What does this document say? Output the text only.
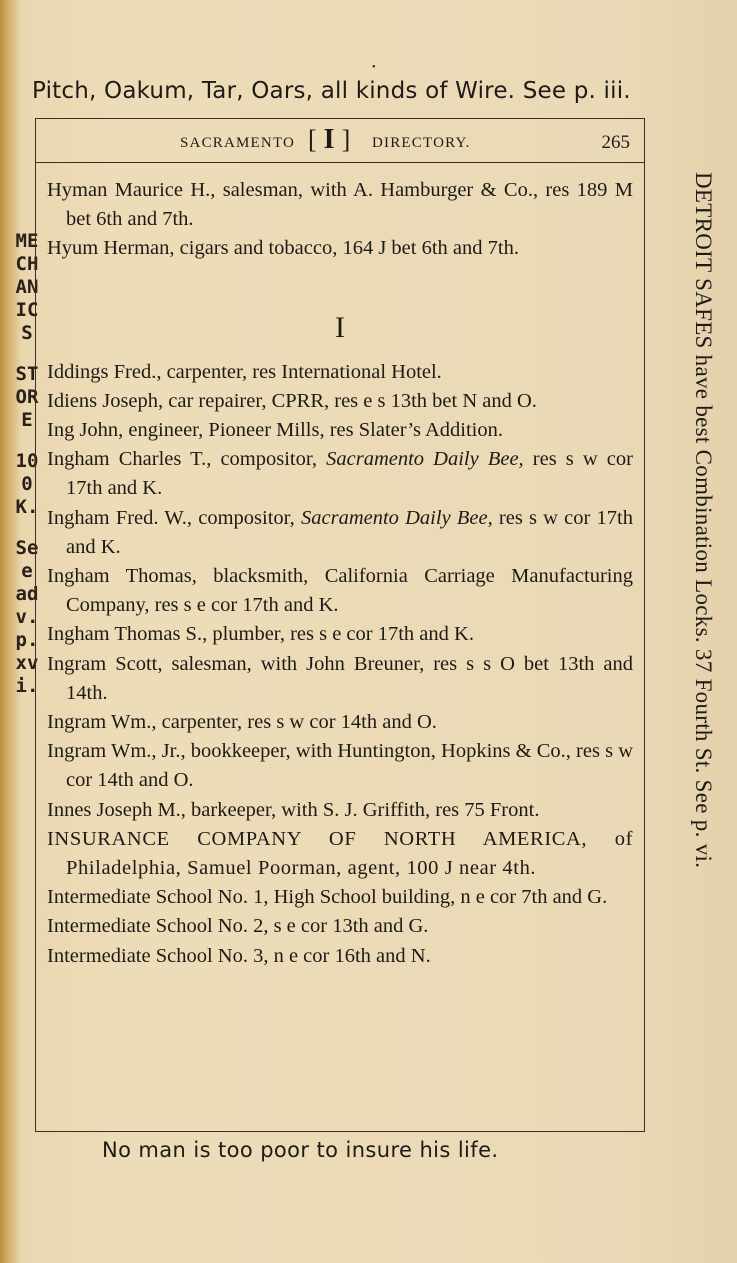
•
Pitch, Oakum, Tar, Oars, all kinds of Wire. See p. iii.
MECHANICS
STORE
100 K.
See adv. p. xvi.
SACRAMENTO [ I ] DIRECTORY.	265

Hyman Maurice H., salesman, with A. Hamburger & Co., res 189 M bet 6th and 7th.

Hyum Herman, cigars and tobacco, 164 J bet 6th and 7th.

I

Iddings Fred., carpenter, res International Hotel.

Idiens Joseph, car repairer, CPRR, res e s 13th bet N and O.

Ing John, engineer, Pioneer Mills, res Slater’s Addition.

Ingham Charles T., compositor, Sacramento Daily Bee, res s w cor 17th and K.

Ingham Fred. W., compositor, Sacramento Daily Bee, res s w cor 17th and K.

Ingham Thomas, blacksmith, California Carriage Manufacturing Company, res s e cor 17th and K.

Ingham Thomas S., plumber, res s e cor 17th and K.

Ingram Scott, salesman, with John Breuner, res s s O bet 13th and 14th.

Ingram Wm., carpenter, res s w cor 14th and O.

Ingram Wm., Jr., bookkeeper, with Huntington, Hopkins & Co., res s w cor 14th and O.

Innes Joseph M., barkeeper, with S. J. Griffith, res 75 Front.

INSURANCE COMPANY OF NORTH AMERICA, of Philadelphia, Samuel Poorman, agent, 100 J near 4th.

Intermediate School No. 1, High School building, n e cor 7th and G.

Intermediate School No. 2, s e cor 13th and G.

Intermediate School No. 3, n e cor 16th and N.

DETROIT SAFES have best Combination Locks. 37 Fourth St. See p. vi.
No man is too poor to insure his life.
